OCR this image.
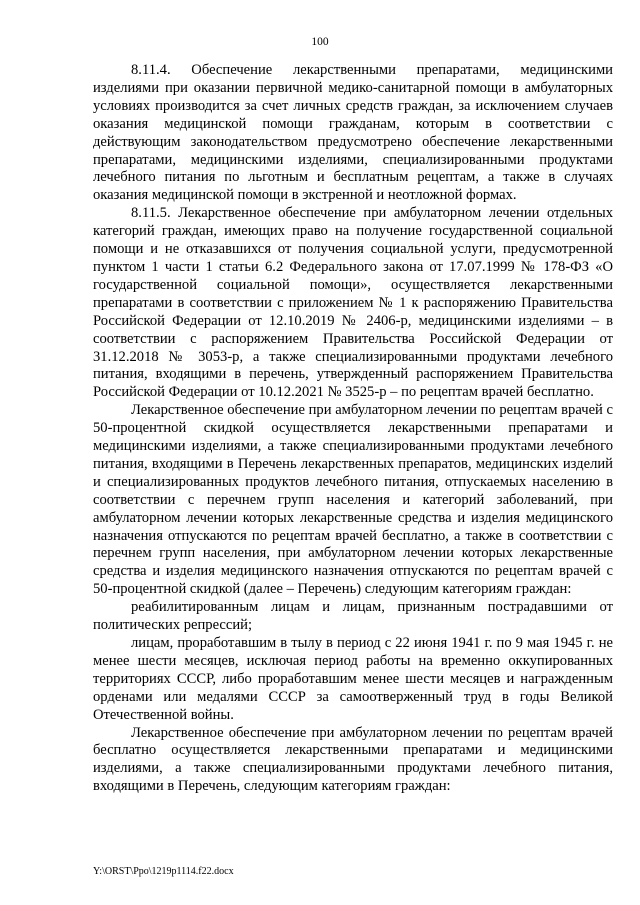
100

8.11.4. Обеспечение лекарственными препаратами, медицинскими изделиями при оказании первичной медико-санитарной помощи в амбулаторных условиях производится за счет личных средств граждан, за исключением случаев оказания медицинской помощи гражданам, которым в соответствии с действующим законодательством предусмотрено обеспечение лекарственными препаратами, медицинскими изделиями, специализированными продуктами лечебного питания по льготным и бесплатным рецептам, а также в случаях оказания медицинской помощи в экстренной и неотложной формах.

8.11.5. Лекарственное обеспечение при амбулаторном лечении отдельных категорий граждан, имеющих право на получение государственной социальной помощи и не отказавшихся от получения социальной услуги, предусмотренной пунктом 1 части 1 статьи 6.2 Федерального закона от 17.07.1999 № 178-ФЗ «О государственной социальной помощи», осуществляется лекарственными препаратами в соответствии с приложением № 1 к распоряжению Правительства Российской Федерации от 12.10.2019 № 2406-р, медицинскими изделиями – в соответствии с распоряжением Правительства Российской Федерации от 31.12.2018 № 3053-р, а также специализированными продуктами лечебного питания, входящими в перечень, утвержденный распоряжением Правительства Российской Федерации от 10.12.2021 № 3525-р – по рецептам врачей бесплатно.

Лекарственное обеспечение при амбулаторном лечении по рецептам врачей с 50-процентной скидкой осуществляется лекарственными препаратами и медицинскими изделиями, а также специализированными продуктами лечебного питания, входящими в Перечень лекарственных препаратов, медицинских изделий и специализированных продуктов лечебного питания, отпускаемых населению в соответствии с перечнем групп населения и категорий заболеваний, при амбулаторном лечении которых лекарственные средства и изделия медицинского назначения отпускаются по рецептам врачей бесплатно, а также в соответствии с перечнем групп населения, при амбулаторном лечении которых лекарственные средства и изделия медицинского назначения отпускаются по рецептам врачей с 50-процентной скидкой (далее – Перечень) следующим категориям граждан:

реабилитированным лицам и лицам, признанным пострадавшими от политических репрессий;

лицам, проработавшим в тылу в период с 22 июня 1941 г. по 9 мая 1945 г. не менее шести месяцев, исключая период работы на временно оккупированных территориях СССР, либо проработавшим менее шести месяцев и награжденным орденами или медалями СССР за самоотверженный труд в годы Великой Отечественной войны.

Лекарственное обеспечение при амбулаторном лечении по рецептам врачей бесплатно осуществляется лекарственными препаратами и медицинскими изделиями, а также специализированными продуктами лечебного питания, входящими в Перечень, следующим категориям граждан:

Y:\ORST\Ppo\1219p1114.f22.docx
